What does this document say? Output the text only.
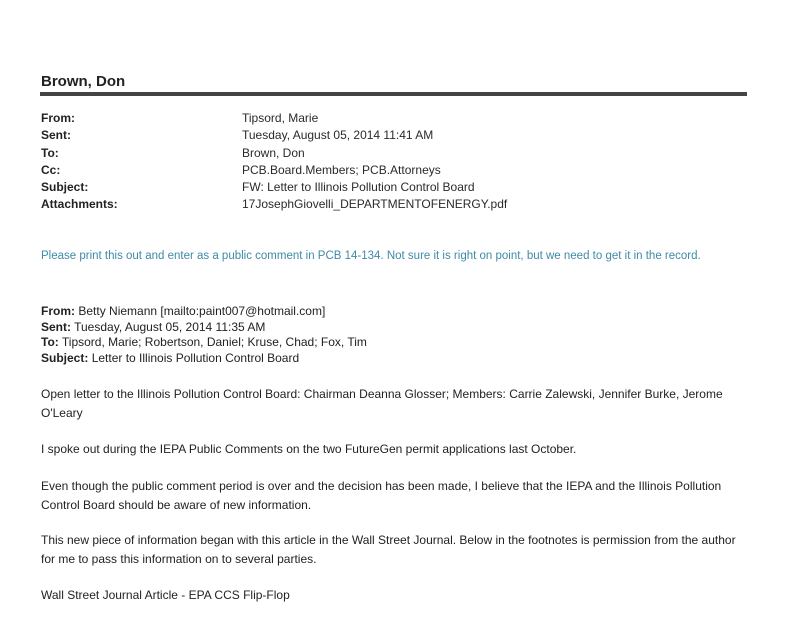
Brown, Don
From:	Tipsord, Marie
Sent:	Tuesday, August 05, 2014 11:41 AM
To:	Brown, Don
Cc:	PCB.Board.Members; PCB.Attorneys
Subject:	FW: Letter to Illinois Pollution Control Board
Attachments:	17JosephGiovelli_DEPARTMENTOFENERGY.pdf
Please print this out and enter as a public comment in PCB 14-134. Not sure it is right on point, but we need to get it in the record.
From: Betty Niemann [mailto:paint007@hotmail.com]
Sent: Tuesday, August 05, 2014 11:35 AM
To: Tipsord, Marie; Robertson, Daniel; Kruse, Chad; Fox, Tim
Subject: Letter to Illinois Pollution Control Board
Open letter to the Illinois Pollution Control Board: Chairman Deanna Glosser; Members: Carrie Zalewski, Jennifer Burke, Jerome O'Leary
I spoke out during the IEPA Public Comments on the two FutureGen permit applications last October.
Even though the public comment period is over and the decision has been made, I believe that the IEPA and the Illinois Pollution Control Board should be aware of new information.
This new piece of information began with this article in the Wall Street Journal. Below in the footnotes is permission from the author for me to pass this information on to several parties.
Wall Street Journal Article - EPA CCS Flip-Flop
